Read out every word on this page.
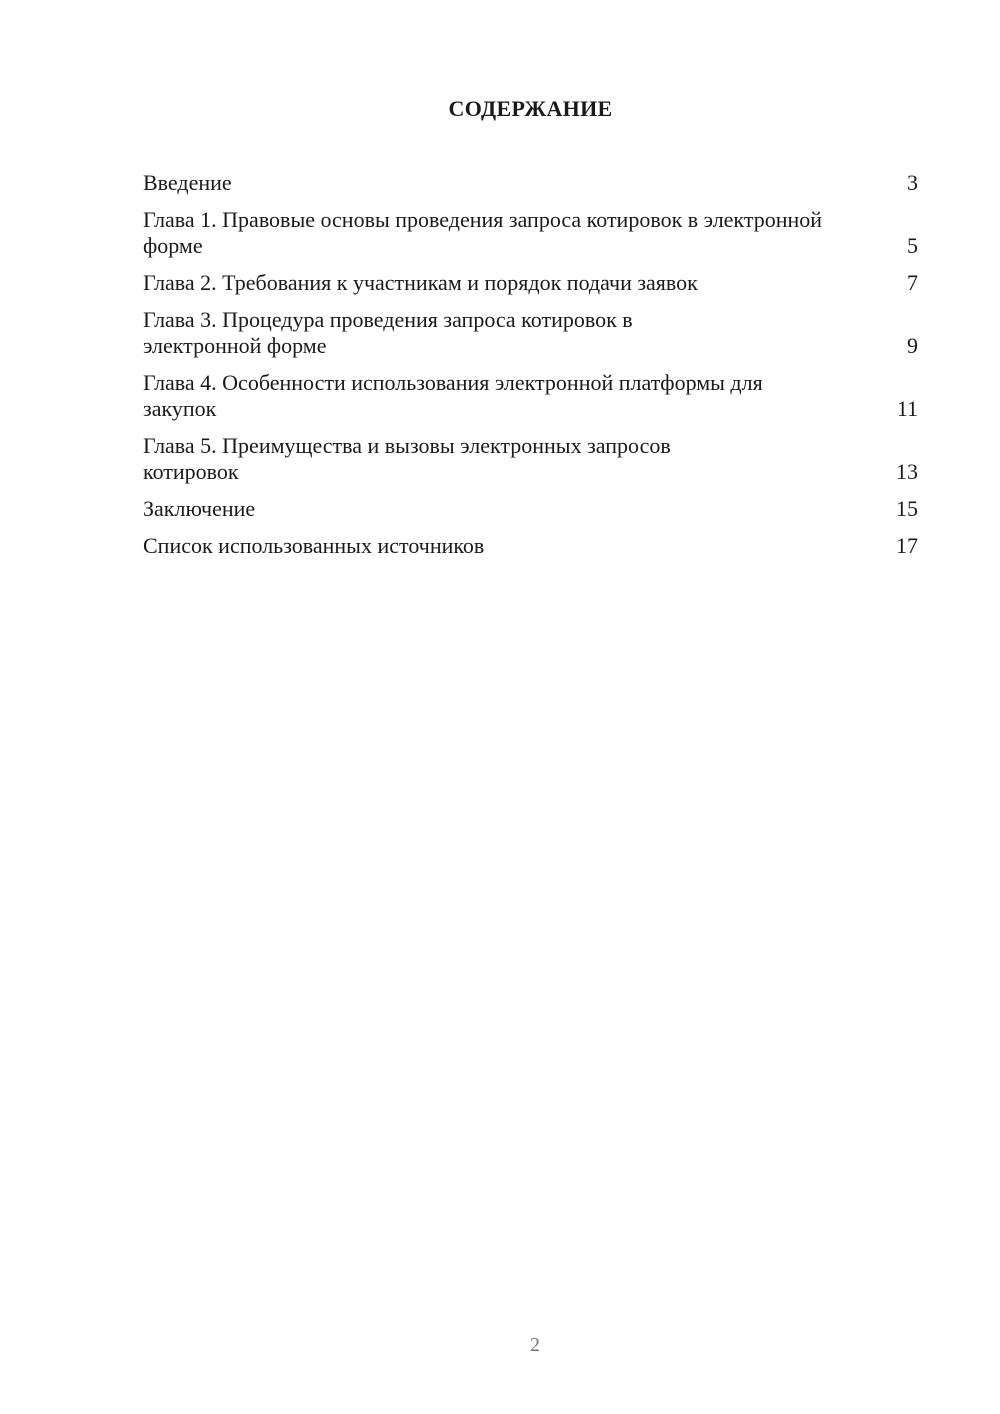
СОДЕРЖАНИЕ
Введение	3
Глава 1. Правовые основы проведения запроса котировок в электронной форме	5
Глава 2. Требования к участникам и порядок подачи заявок	7
Глава 3. Процедура проведения запроса котировок в электронной форме	9
Глава 4. Особенности использования электронной платформы для закупок	11
Глава 5. Преимущества и вызовы электронных запросов котировок	13
Заключение	15
Список использованных источников	17
2
